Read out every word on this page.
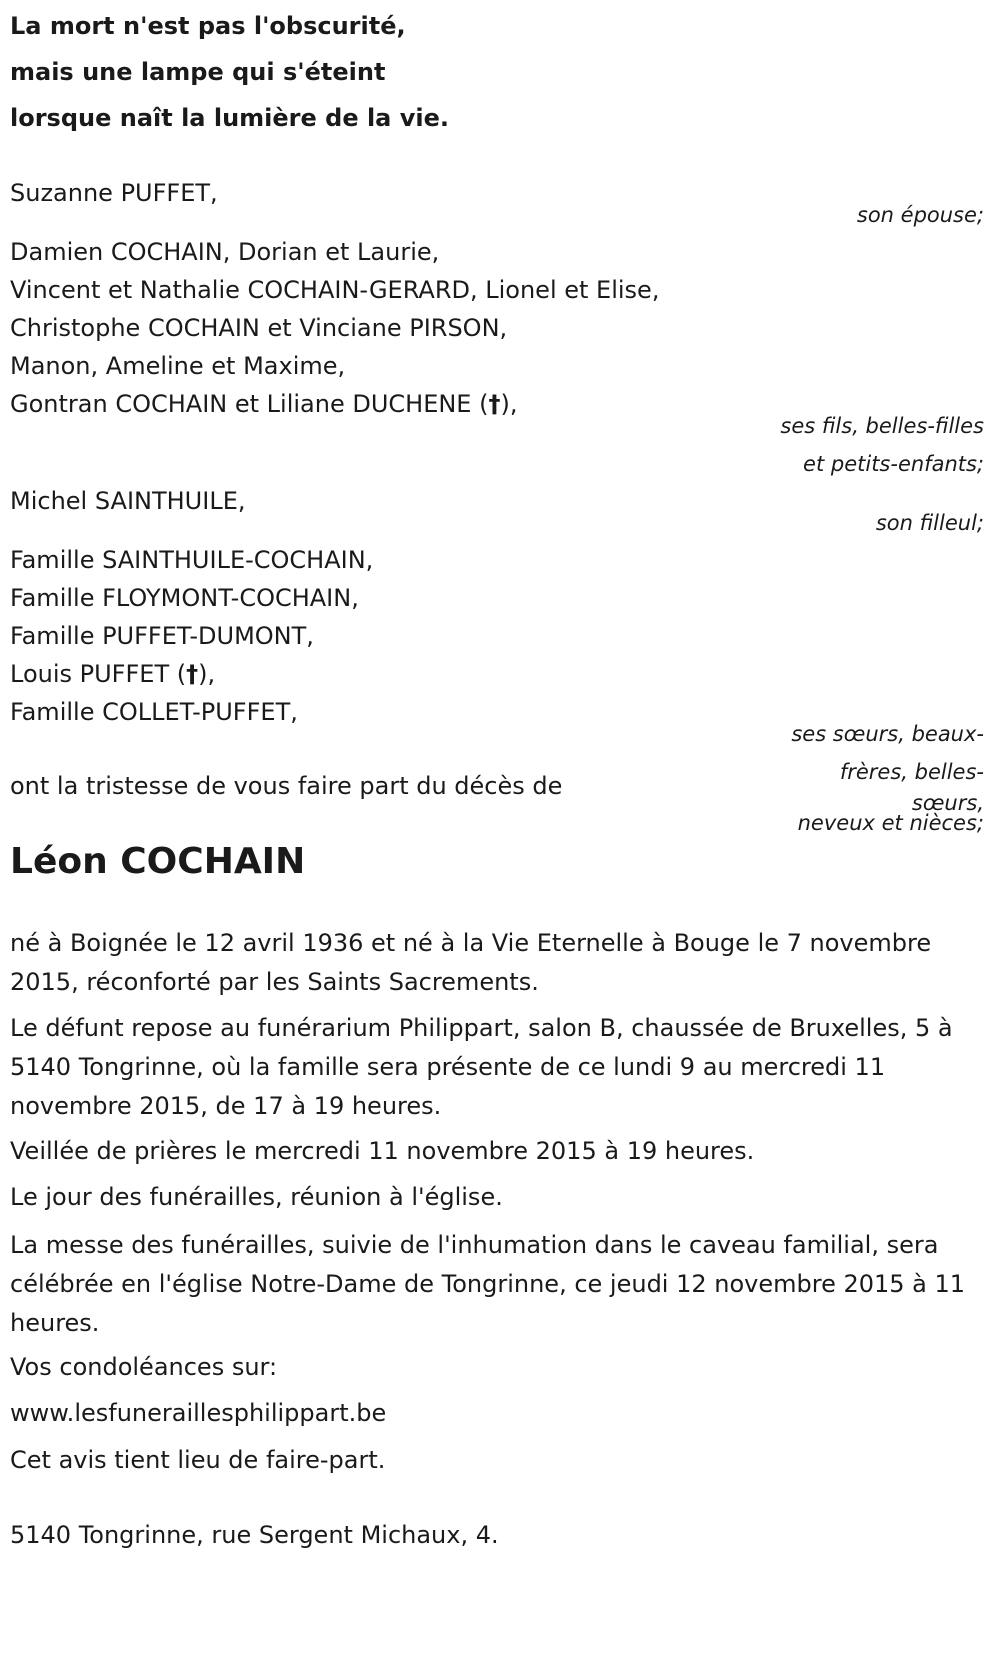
La mort n'est pas l'obscurité,

mais une lampe qui s'éteint

lorsque naît la lumière de la vie.

Suzanne PUFFET,

son épouse;

Damien COCHAIN, Dorian et Laurie,

Vincent et Nathalie COCHAIN-GERARD, Lionel et Elise,

Christophe COCHAIN et Vinciane PIRSON,

Manon, Ameline et Maxime,

Gontran COCHAIN et Liliane DUCHENE (†),

ses fils, belles-filles

et petits-enfants;

Michel SAINTHUILE,

son filleul;

Famille SAINTHUILE-COCHAIN,

Famille FLOYMONT-COCHAIN,

Famille PUFFET-DUMONT,

Louis PUFFET (†),

Famille COLLET-PUFFET,

ses sœurs, beaux-

frères, belles-

sœurs,

neveux et nièces;

ont la tristesse de vous faire part du décès de

Léon COCHAIN

né à Boignée le 12 avril 1936 et né à la Vie Eternelle à Bouge le 7 novembre 2015, réconforté par les Saints Sacrements.

Le défunt repose au funérarium Philippart, salon B, chaussée de Bruxelles, 5 à 5140 Tongrinne, où la famille sera présente de ce lundi 9 au mercredi 11 novembre 2015, de 17 à 19 heures.

Veillée de prières le mercredi 11 novembre 2015 à 19 heures.

Le jour des funérailles, réunion à l'église.

La messe des funérailles, suivie de l'inhumation dans le caveau familial, sera célébrée en l'église Notre-Dame de Tongrinne, ce jeudi 12 novembre 2015 à 11 heures.

Vos condoléances sur:

www.lesfuneraillesphilippart.be

Cet avis tient lieu de faire-part.

5140 Tongrinne, rue Sergent Michaux, 4.
